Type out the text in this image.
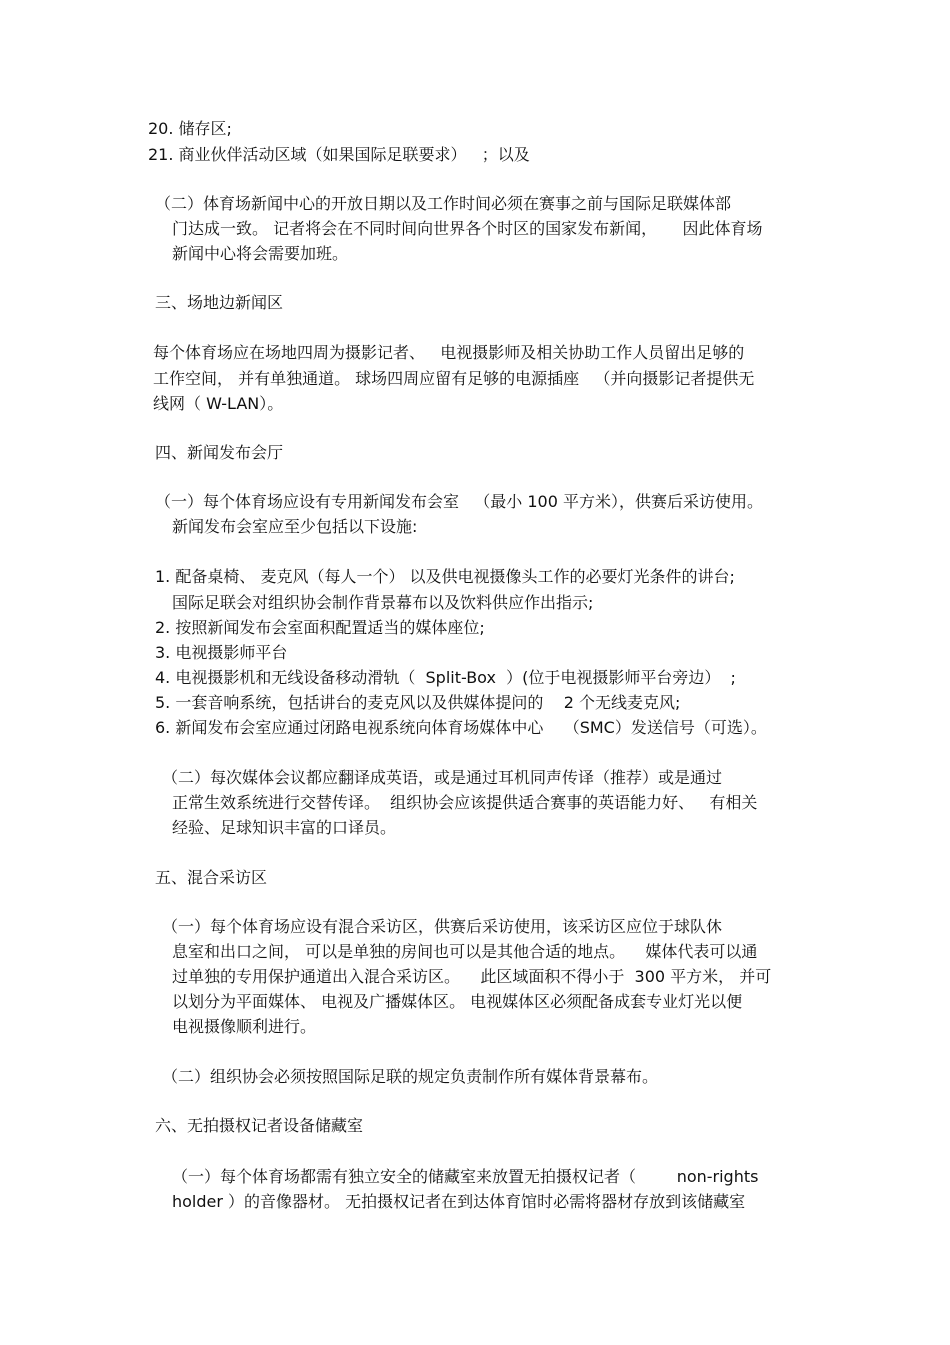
20. 储存区;
21. 商业伙伴活动区域（如果国际足联要求）   ；以及
（二）体育场新闻中心的开放日期以及工作时间必须在赛事之前与国际足联媒体部
门达成一致。 记者将会在不同时间向世界各个时区的国家发布新闻，     因此体育场
新闻中心将会需要加班。
三、场地边新闻区
每个体育场应在场地四周为摄影记者、   电视摄影师及相关协助工作人员留出足够的
工作空间， 并有单独通道。 球场四周应留有足够的电源插座   （并向摄影记者提供无
线网（ W-LAN）。
四、新闻发布会厅
（一）每个体育场应设有专用新闻发布会室   （最小 100 平方米），供赛后采访使用。
新闻发布会室应至少包括以下设施:
1. 配备桌椅、 麦克风（每人一个） 以及供电视摄像头工作的必要灯光条件的讲台;
国际足联会对组织协会制作背景幕布以及饮料供应作出指示;
2. 按照新闻发布会室面积配置适当的媒体座位;
3. 电视摄影师平台
4. 电视摄影机和无线设备移动滑轨（  Split-Box  ）(位于电视摄影师平台旁边）  ;
5. 一套音响系统，包括讲台的麦克风以及供媒体提问的    2 个无线麦克风;
6. 新闻发布会室应通过闭路电视系统向体育场媒体中心    （SMC）发送信号（可选）。
（二）每次媒体会议都应翻译成英语，或是通过耳机同声传译（推荐）或是通过
正常生效系统进行交替传译。  组织协会应该提供适合赛事的英语能力好、   有相关
经验、足球知识丰富的口译员。
五、混合采访区
（一）每个体育场应设有混合采访区，供赛后采访使用，该采访区应位于球队休
息室和出口之间， 可以是单独的房间也可以是其他合适的地点。    媒体代表可以通
过单独的专用保护通道出入混合采访区。    此区域面积不得小于  300 平方米， 并可
以划分为平面媒体、 电视及广播媒体区。 电视媒体区必须配备成套专业灯光以便
电视摄像顺利进行。
（二）组织协会必须按照国际足联的规定负责制作所有媒体背景幕布。
六、无拍摄权记者设备储藏室
（一）每个体育场都需有独立安全的储藏室来放置无拍摄权记者（        non-rights
holder ）的音像器材。 无拍摄权记者在到达体育馆时必需将器材存放到该储藏室
